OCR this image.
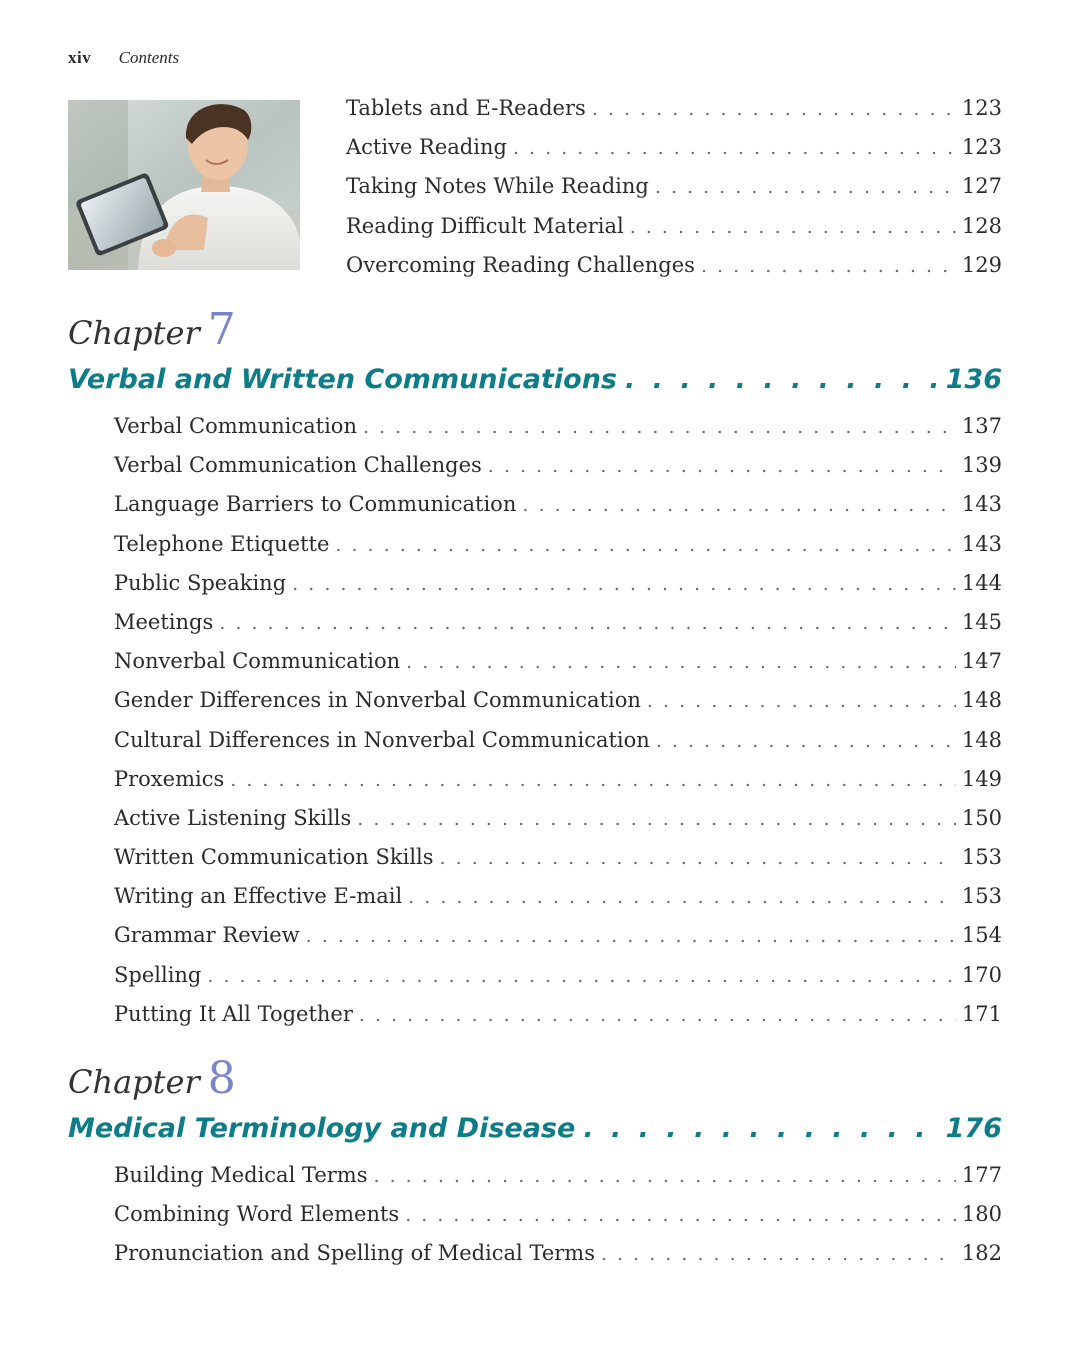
xiv Contents
Tablets and E-Readers . . .	123
Active Reading . . .	123
Taking Notes While Reading . . .	127
Reading Difficult Material . . .	128
Overcoming Reading Challenges . . .	129
Chapter 7
Verbal and Written Communications . . .	136
Verbal Communication . . .	137
Verbal Communication Challenges . . .	139
Language Barriers to Communication . . .	143
Telephone Etiquette . . .	143
Public Speaking . . .	144
Meetings . . .	145
Nonverbal Communication . . .	147
Gender Differences in Nonverbal Communication . . .	148
Cultural Differences in Nonverbal Communication . . .	148
Proxemics . . .	149
Active Listening Skills . . .	150
Written Communication Skills . . .	153
Writing an Effective E-mail . . .	153
Grammar Review . . .	154
Spelling . . .	170
Putting It All Together . . .	171
Chapter 8
Medical Terminology and Disease . . .	176
Building Medical Terms . . .	177
Combining Word Elements . . .	180
Pronunciation and Spelling of Medical Terms . . .	182
